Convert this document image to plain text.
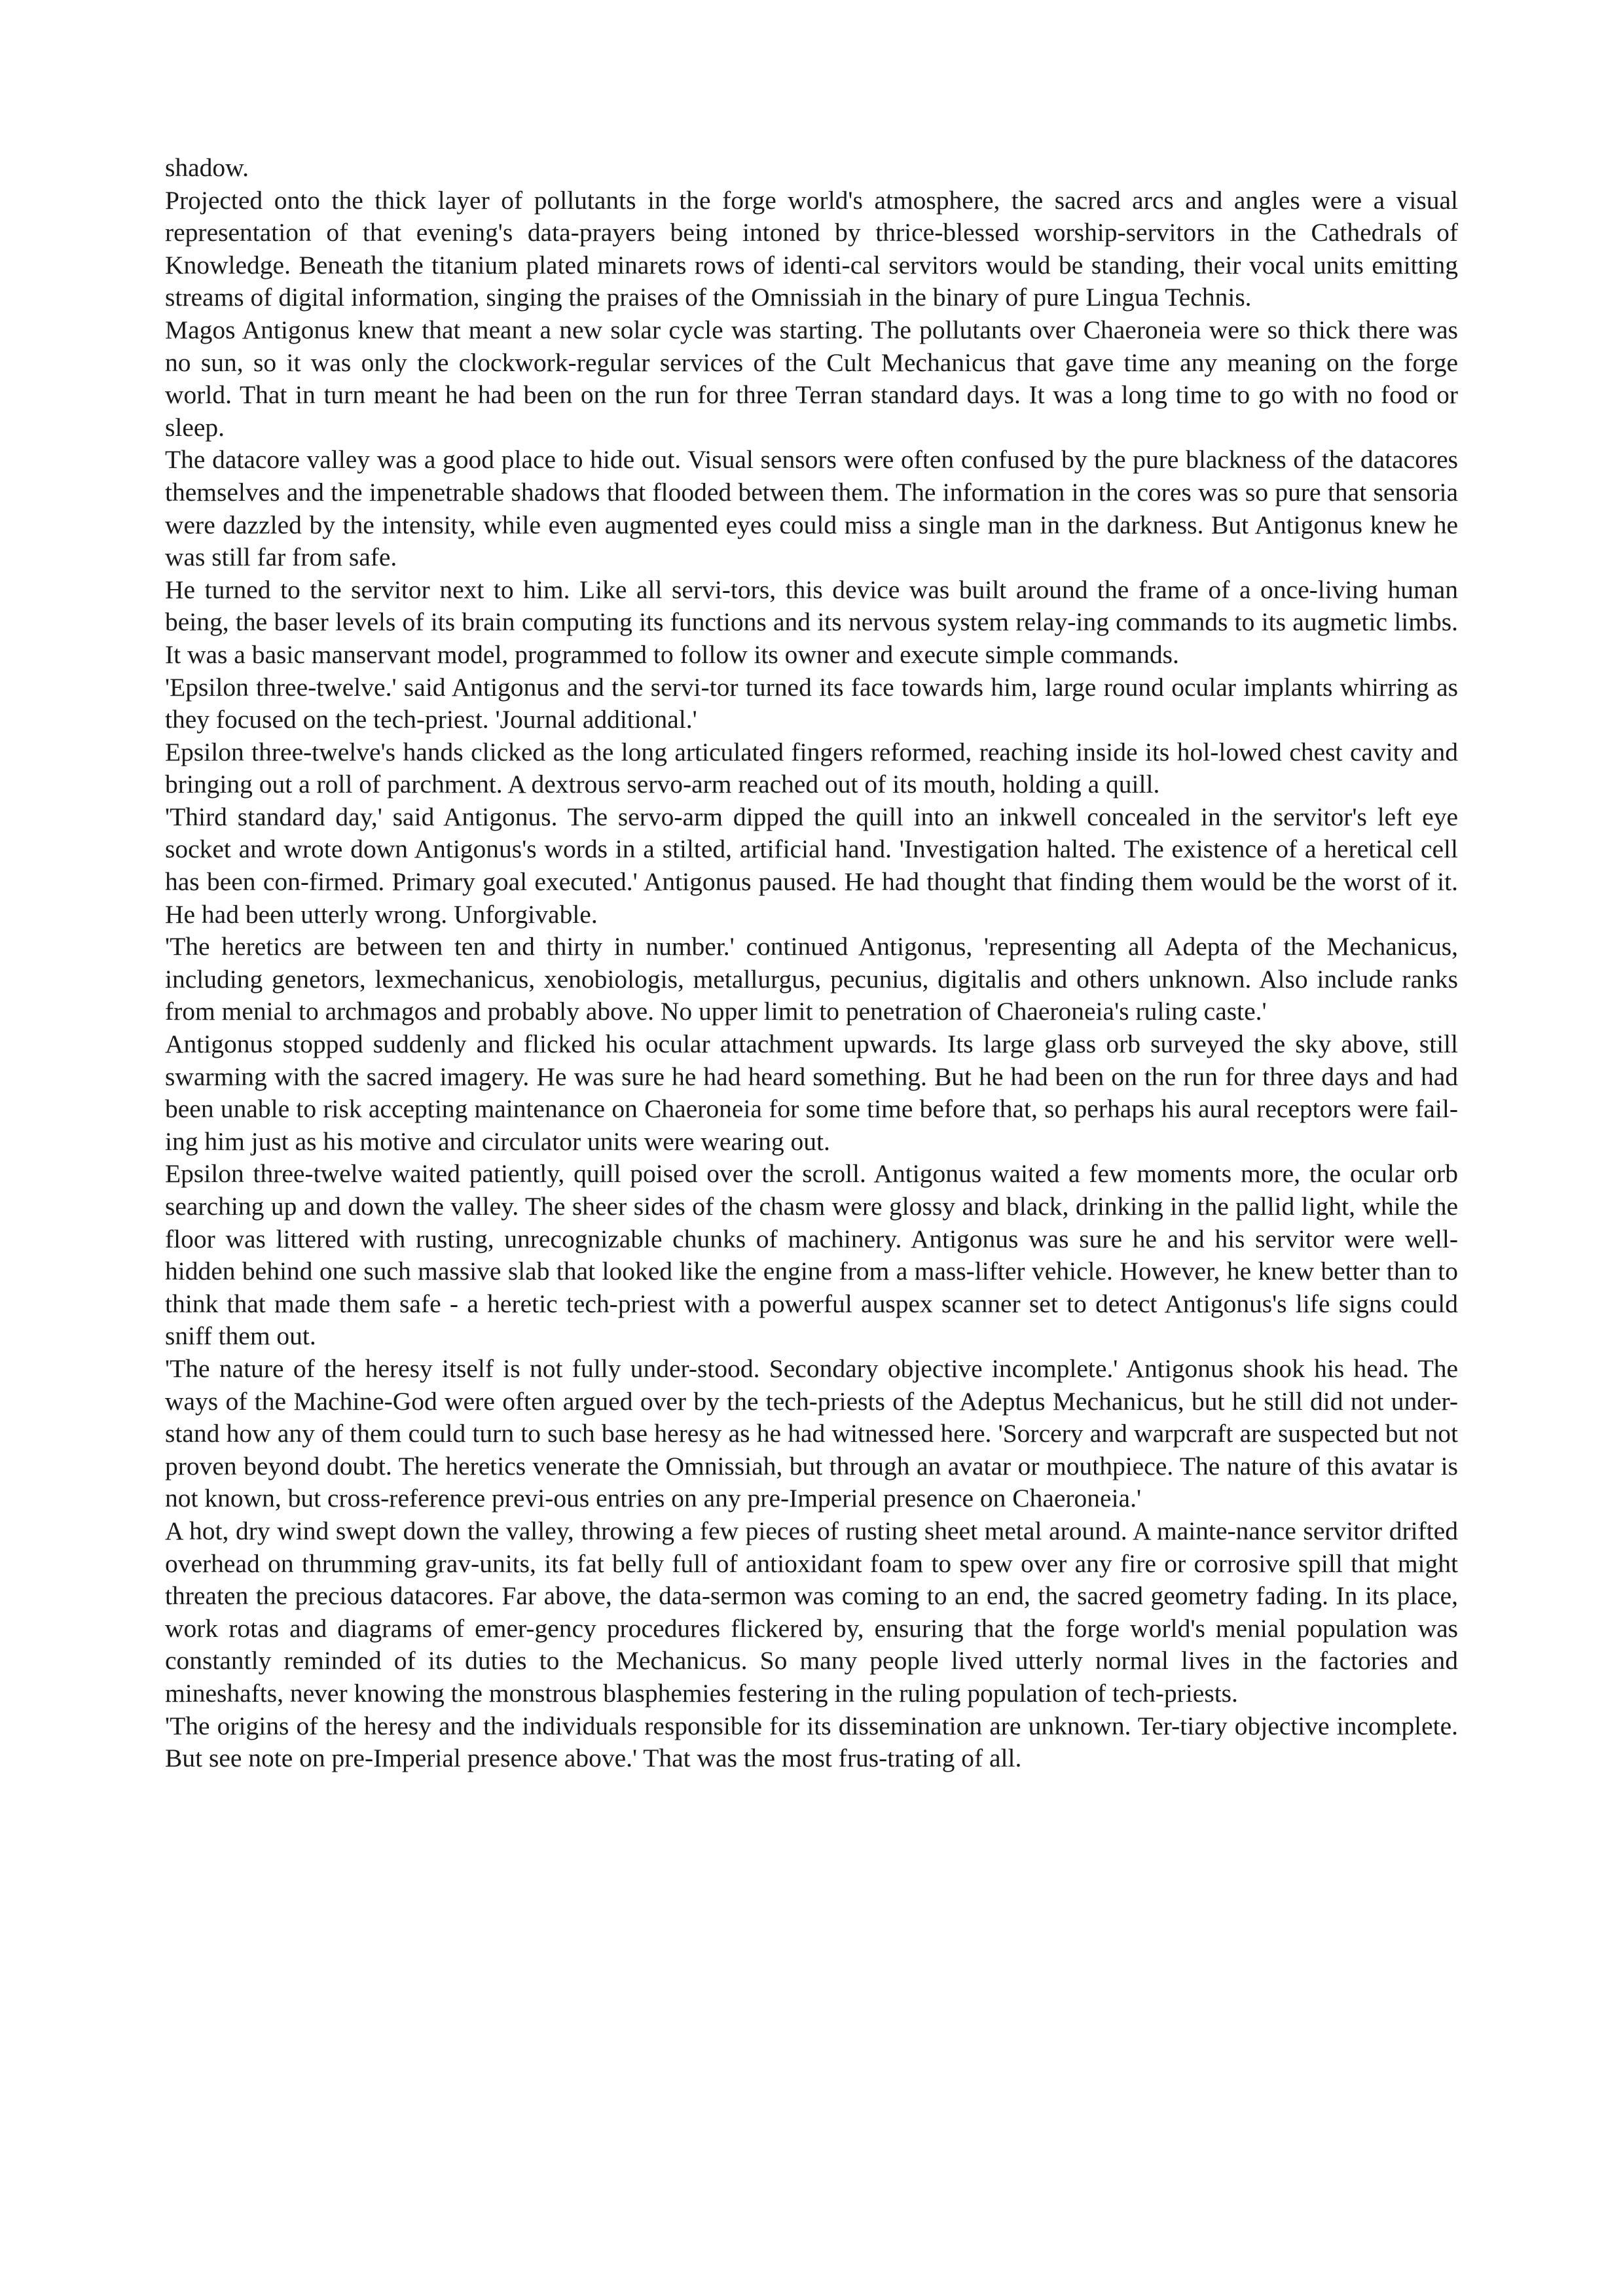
shadow.

Projected onto the thick layer of pollutants in the forge world's atmosphere, the sacred arcs and angles were a visual representation of that evening's data-prayers being intoned by thrice-blessed worship-servitors in the Cathedrals of Knowledge. Beneath the titanium plated minarets rows of identi-cal servitors would be standing, their vocal units emitting streams of digital information, singing the praises of the Omnissiah in the binary of pure Lingua Technis.

Magos Antigonus knew that meant a new solar cycle was starting. The pollutants over Chaeroneia were so thick there was no sun, so it was only the clockwork-regular services of the Cult Mechanicus that gave time any meaning on the forge world. That in turn meant he had been on the run for three Terran standard days. It was a long time to go with no food or sleep.

The datacore valley was a good place to hide out. Visual sensors were often confused by the pure blackness of the datacores themselves and the impenetrable shadows that flooded between them. The information in the cores was so pure that sensoria were dazzled by the intensity, while even augmented eyes could miss a single man in the darkness. But Antigonus knew he was still far from safe.

He turned to the servitor next to him. Like all servi-tors, this device was built around the frame of a once-living human being, the baser levels of its brain computing its functions and its nervous system relay-ing commands to its augmetic limbs. It was a basic manservant model, programmed to follow its owner and execute simple commands.

'Epsilon three-twelve.' said Antigonus and the servi-tor turned its face towards him, large round ocular implants whirring as they focused on the tech-priest. 'Journal additional.'

Epsilon three-twelve's hands clicked as the long articulated fingers reformed, reaching inside its hol-lowed chest cavity and bringing out a roll of parchment. A dextrous servo-arm reached out of its mouth, holding a quill.

'Third standard day,' said Antigonus. The servo-arm dipped the quill into an inkwell concealed in the servitor's left eye socket and wrote down Antigonus's words in a stilted, artificial hand. 'Investigation halted. The existence of a heretical cell has been con-firmed. Primary goal executed.' Antigonus paused. He had thought that finding them would be the worst of it. He had been utterly wrong. Unforgivable.

'The heretics are between ten and thirty in number.' continued Antigonus, 'representing all Adepta of the Mechanicus, including genetors, lexmechanicus, xenobiologis, metallurgus, pecunius, digitalis and others unknown. Also include ranks from menial to archmagos and probably above. No upper limit to penetration of Chaeroneia's ruling caste.'

Antigonus stopped suddenly and flicked his ocular attachment upwards. Its large glass orb surveyed the sky above, still swarming with the sacred imagery. He was sure he had heard something. But he had been on the run for three days and had been unable to risk accepting maintenance on Chaeroneia for some time before that, so perhaps his aural receptors were fail-ing him just as his motive and circulator units were wearing out.

Epsilon three-twelve waited patiently, quill poised over the scroll. Antigonus waited a few moments more, the ocular orb searching up and down the valley. The sheer sides of the chasm were glossy and black, drinking in the pallid light, while the floor was littered with rusting, unrecognizable chunks of machinery. Antigonus was sure he and his servitor were well-hidden behind one such massive slab that looked like the engine from a mass-lifter vehicle. However, he knew better than to think that made them safe - a heretic tech-priest with a powerful auspex scanner set to detect Antigonus's life signs could sniff them out.

'The nature of the heresy itself is not fully under-stood. Secondary objective incomplete.' Antigonus shook his head. The ways of the Machine-God were often argued over by the tech-priests of the Adeptus Mechanicus, but he still did not under-stand how any of them could turn to such base heresy as he had witnessed here. 'Sorcery and warpcraft are suspected but not proven beyond doubt. The heretics venerate the Omnissiah, but through an avatar or mouthpiece. The nature of this avatar is not known, but cross-reference previ-ous entries on any pre-Imperial presence on Chaeroneia.'

A hot, dry wind swept down the valley, throwing a few pieces of rusting sheet metal around. A mainte-nance servitor drifted overhead on thrumming grav-units, its fat belly full of antioxidant foam to spew over any fire or corrosive spill that might threaten the precious datacores. Far above, the data-sermon was coming to an end, the sacred geometry fading. In its place, work rotas and diagrams of emer-gency procedures flickered by, ensuring that the forge world's menial population was constantly reminded of its duties to the Mechanicus. So many people lived utterly normal lives in the factories and mineshafts, never knowing the monstrous blasphemies festering in the ruling population of tech-priests.

'The origins of the heresy and the individuals responsible for its dissemination are unknown. Ter-tiary objective incomplete. But see note on pre-Imperial presence above.' That was the most frus-trating of all.
